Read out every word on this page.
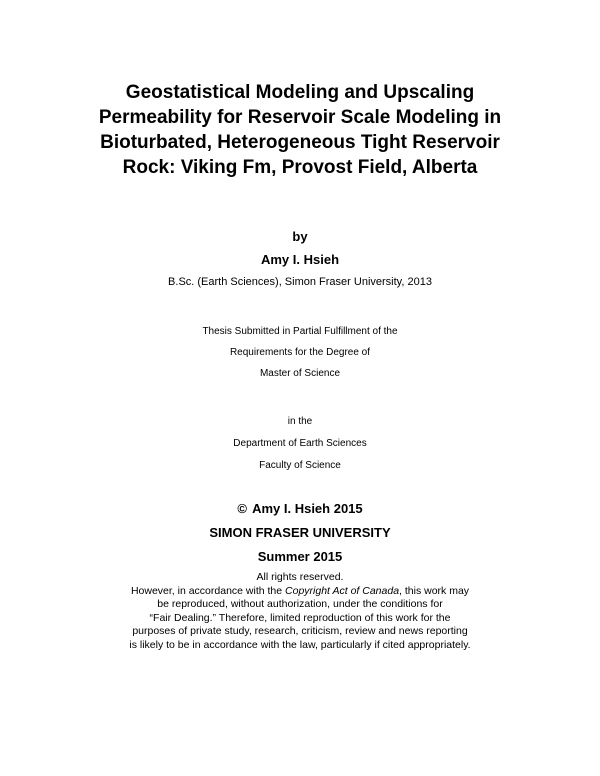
Geostatistical Modeling and Upscaling
Permeability for Reservoir Scale Modeling in
Bioturbated, Heterogeneous Tight Reservoir
Rock: Viking Fm, Provost Field, Alberta
by
Amy I. Hsieh
B.Sc. (Earth Sciences), Simon Fraser University, 2013
Thesis Submitted in Partial Fulfillment of the
Requirements for the Degree of
Master of Science
in the
Department of Earth Sciences
Faculty of Science
© Amy I. Hsieh 2015
SIMON FRASER UNIVERSITY
Summer 2015
All rights reserved.
However, in accordance with the Copyright Act of Canada, this work may
be reproduced, without authorization, under the conditions for
“Fair Dealing.” Therefore, limited reproduction of this work for the
purposes of private study, research, criticism, review and news reporting
is likely to be in accordance with the law, particularly if cited appropriately.
